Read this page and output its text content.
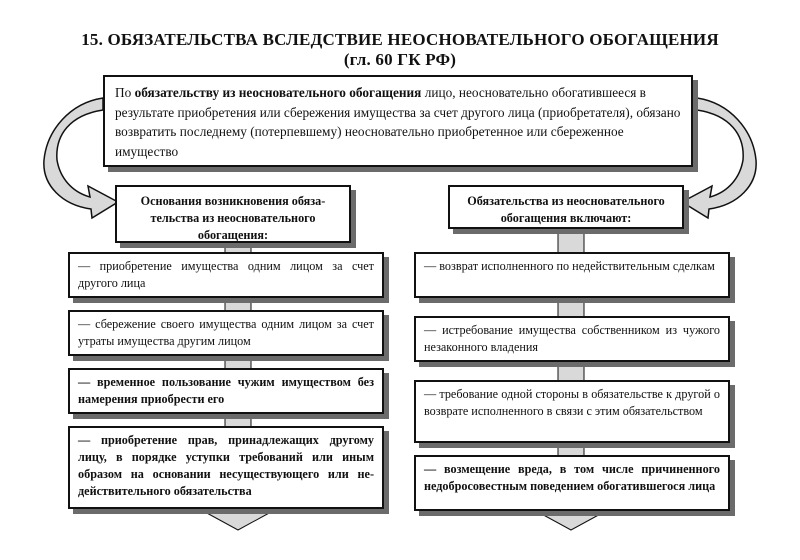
15. ОБЯЗАТЕЛЬСТВА ВСЛЕДСТВИЕ НЕОСНОВАТЕЛЬНОГО ОБОГАЩЕНИЯ
(гл. 60 ГК РФ)
По обязательству из неосновательного обогащения лицо, неосновательно обогатившееся в результате приобретения или сбережения имущества за счет другого лица (приобретателя), обязано возвратить последнему (потерпевшему) неосновательно приобретенное или сбереженное имущество
Основания возникновения обязательства из неосновательного обогащения:
— приобретение имущества одним лицом за счет другого лица
— сбережение своего имущества одним лицом за счет утраты имущества другим лицом
— временное пользование чужим имуществом без намерения приобрести его
— приобретение прав, принадлежащих другому лицу, в порядке уступки требований или иным образом на основании несуществующего или недействительного обязательства
Обязательства из неосновательного обогащения включают:
— возврат исполненного по недействительным сделкам
— истребование имущества собственником из чужого незаконного владения
— требование одной стороны в обязательстве к другой о возврате исполненного в связи с этим обязательством
— возмещение вреда, в том числе причиненного недобросовестным поведением обогатившегося лица
